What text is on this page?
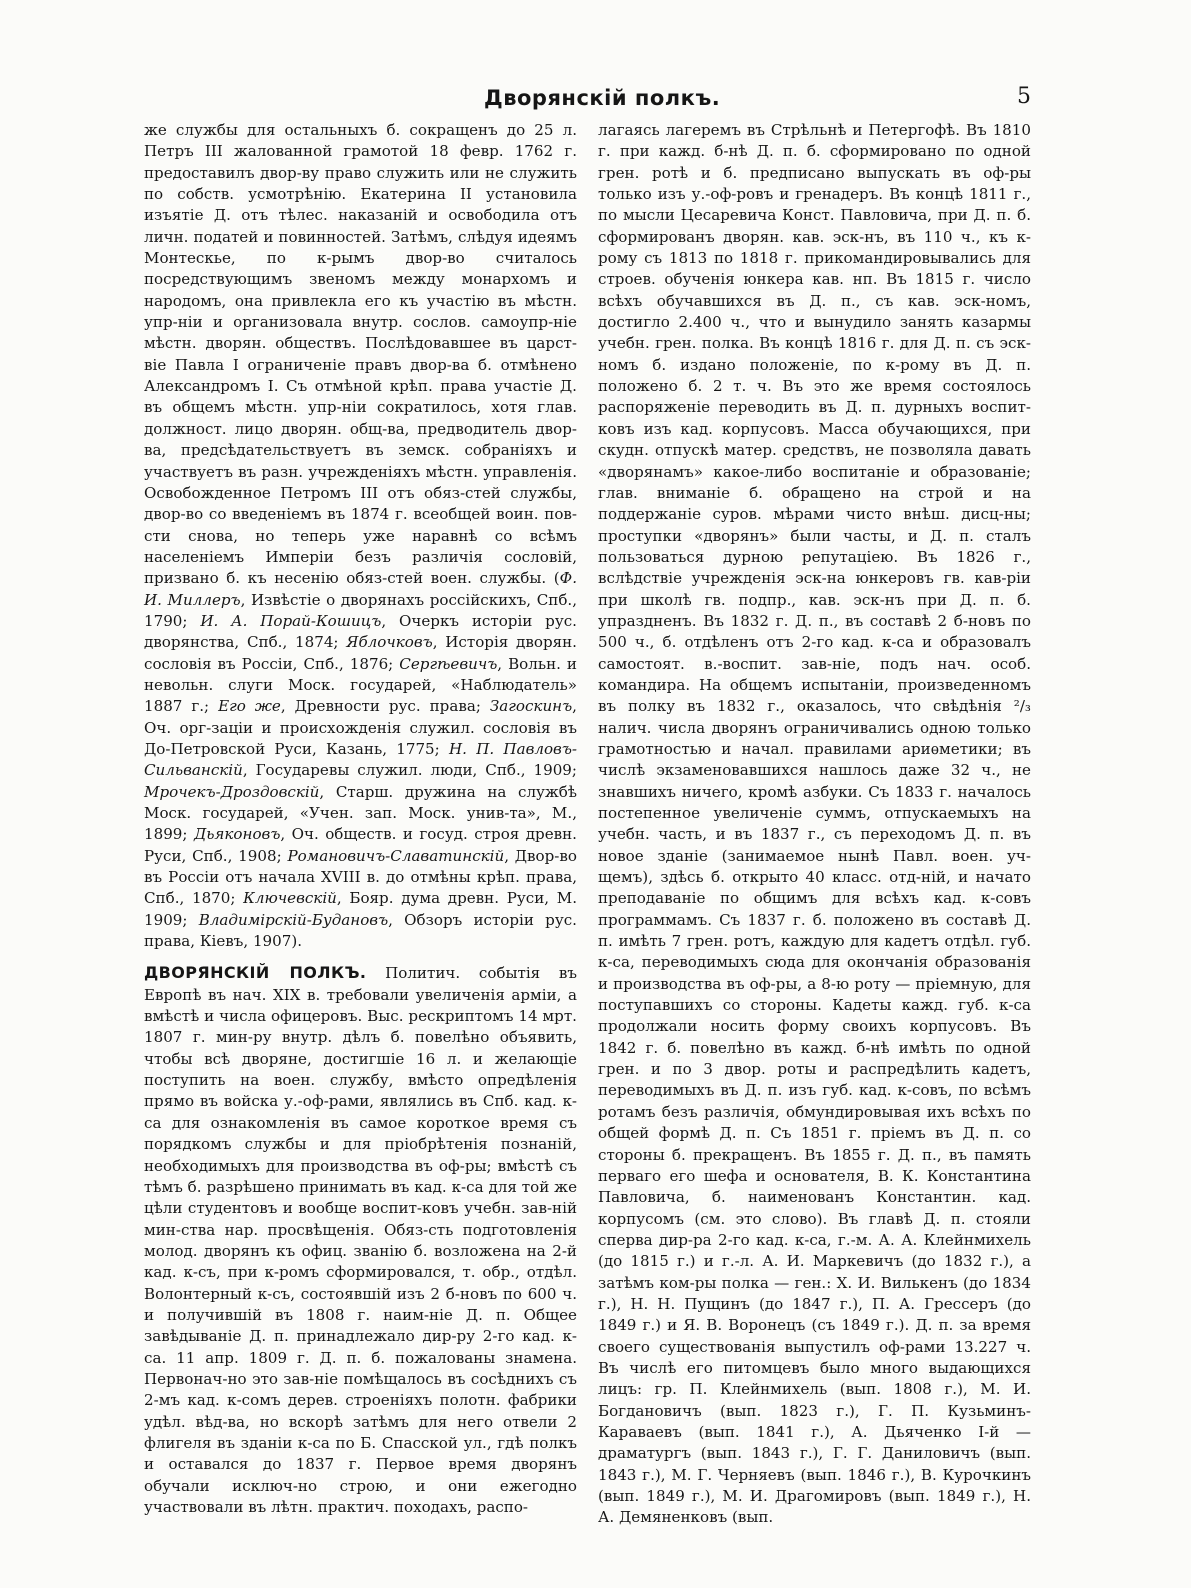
Дворянскій полкъ.	5

же службы для остальныхъ б. сокращенъ до 25 л. Петръ III жалованной грамотой 18 февр. 1762 г. предоставилъ двор-ву право служить или не служить по собств. усмотрѣнію. Екатерина II установила изъятіе Д. отъ тѣлес. наказаній и освободила отъ личн. податей и повинностей. Затѣмъ, слѣдуя идеямъ Монтескье, по к-рымъ двор-во считалось посредствующимъ звеномъ между монархомъ и народомъ, она привлекла его къ участію въ мѣстн. упр-ніи и организовала внутр. сослов. самоупр-ніе мѣстн. дворян. обществъ. Послѣдовавшее въ царст-віе Павла I ограниченіе правъ двор-ва б. отмѣнено Александромъ I. Съ отмѣной крѣп. права участіе Д. въ общемъ мѣстн. упр-ніи сократилось, хотя глав. должност. лицо дворян. общ-ва, предводитель двор-ва, предсѣдательствуетъ въ земск. собраніяхъ и участвуетъ въ разн. учрежденіяхъ мѣстн. управленія. Освобожденное Петромъ III отъ обяз-стей службы, двор-во со введеніемъ въ 1874 г. всеобщей воин. пов-сти снова, но теперь уже наравнѣ со всѣмъ населеніемъ Имперіи безъ различія сословій, призвано б. къ несенію обяз-стей воен. службы. (Ф. И. Миллеръ, Извѣстіе о дворянахъ россійскихъ, Спб., 1790; И. А. Порай-Кошицъ, Очеркъ исторіи рус. дворянства, Спб., 1874; Яблочковъ, Исторія дворян. сословія въ Россіи, Спб., 1876; Сергѣевичъ, Вольн. и невольн. слуги Моск. государей, «Наблюдатель» 1887 г.; Его же, Древности рус. права; Загоскинъ, Оч. орг-заціи и происхожденія служил. сословія въ До-Петровской Руси, Казань, 1775; Н. П. Павловъ-Сильванскій, Государевы служил. люди, Спб., 1909; Мрочекъ-Дроздовскій, Старш. дружина на службѣ Моск. государей, «Учен. зап. Моск. унив-та», М., 1899; Дьяконовъ, Оч. обществ. и госуд. строя древн. Руси, Спб., 1908; Романовичъ-Славатинскій, Двор-во въ Россіи отъ начала XVIII в. до отмѣны крѣп. права, Спб., 1870; Ключевскій, Бояр. дума древн. Руси, М. 1909; Владимірскій-Будановъ, Обзоръ исторіи рус. права, Кіевъ, 1907).

ДВОРЯНСКІЙ ПОЛКЪ. Политич. событія въ Европѣ въ нач. XIX в. требовали увеличенія арміи, а вмѣстѣ и числа офицеровъ. Выс. рескриптомъ 14 мрт. 1807 г. мин-ру внутр. дѣлъ б. повелѣно объявить, чтобы всѣ дворяне, достигшіе 16 л. и желающіе поступить на воен. службу, вмѣсто опредѣленія прямо въ войска у.-оф-рами, являлись въ Спб. кад. к-са для ознакомленія въ самое короткое время съ порядкомъ службы и для пріобрѣтенія познаній, необходимыхъ для производства въ оф-ры; вмѣстѣ съ тѣмъ б. разрѣшено принимать въ кад. к-са для той же цѣли студентовъ и вообще воспит-ковъ учебн. зав-ній мин-ства нар. просвѣщенія. Обяз-сть подготовленія молод. дворянъ къ офиц. званію б. возложена на 2-й кад. к-съ, при к-ромъ сформировался, т. обр., отдѣл. Волонтерный к-съ, состоявшій изъ 2 б-новъ по 600 ч. и получившій въ 1808 г. наим-ніе Д. п. Общее завѣдываніе Д. п. принадлежало дир-ру 2-го кад. к-са. 11 апр. 1809 г. Д. п. б. пожалованы знамена. Первонач-но это зав-ніе помѣщалось въ сосѣднихъ съ 2-мъ кад. к-сомъ дерев. строеніяхъ полотн. фабрики удѣл. вѣд-ва, но вскорѣ затѣмъ для него отвели 2 флигеля въ зданіи к-са по Б. Спасской ул., гдѣ полкъ и оставался до 1837 г. Первое время дворянъ обучали исключ-но строю, и они ежегодно участвовали въ лѣтн. практич. походахъ, распо-

лагаясь лагеремъ въ Стрѣльнѣ и Петергофѣ. Въ 1810 г. при кажд. б-нѣ Д. п. б. сформировано по одной грен. ротѣ и б. предписано выпускать въ оф-ры только изъ у.-оф-ровъ и гренадеръ. Въ концѣ 1811 г., по мысли Цесаревича Конст. Павловича, при Д. п. б. сформированъ дворян. кав. эск-нъ, въ 110 ч., къ к-рому съ 1813 по 1818 г. прикомандировывались для строев. обученія юнкера кав. нп. Въ 1815 г. число всѣхъ обучавшихся въ Д. п., съ кав. эск-номъ, достигло 2.400 ч., что и вынудило занять казармы учебн. грен. полка. Въ концѣ 1816 г. для Д. п. съ эск-номъ б. издано положеніе, по к-рому въ Д. п. положено б. 2 т. ч. Въ это же время состоялось распоряженіе переводить въ Д. п. дурныхъ воспит-ковъ изъ кад. корпусовъ. Масса обучающихся, при скудн. отпускѣ матер. средствъ, не позволяла давать «дворянамъ» какое-либо воспитаніе и образованіе; глав. вниманіе б. обращено на строй и на поддержаніе суров. мѣрами чисто внѣш. дисц-ны; проступки «дворянъ» были часты, и Д. п. сталъ пользоваться дурною репутаціею. Въ 1826 г., вслѣдствіе учрежденія эск-на юнкеровъ гв. кав-ріи при школѣ гв. подпр., кав. эск-нъ при Д. п. б. упраздненъ. Въ 1832 г. Д. п., въ составѣ 2 б-новъ по 500 ч., б. отдѣленъ отъ 2-го кад. к-са и образовалъ самостоят. в.-воспит. зав-ніе, подъ нач. особ. командира. На общемъ испытаніи, произведенномъ въ полку въ 1832 г., оказалось, что свѣдѣнія ²/₃ налич. числа дворянъ ограничивались одною только грамотностью и начал. правилами ариѳметики; въ числѣ экзаменовавшихся нашлось даже 32 ч., не знавшихъ ничего, кромѣ азбуки. Съ 1833 г. началось постепенное увеличеніе суммъ, отпускаемыхъ на учебн. часть, и въ 1837 г., съ переходомъ Д. п. въ новое зданіе (занимаемое нынѣ Павл. воен. уч-щемъ), здѣсь б. открыто 40 класс. отд-ній, и начато преподаваніе по общимъ для всѣхъ кад. к-совъ программамъ. Съ 1837 г. б. положено въ составѣ Д. п. имѣть 7 грен. ротъ, каждую для кадетъ отдѣл. губ. к-са, переводимыхъ сюда для окончанія образованія и производства въ оф-ры, а 8-ю роту — пріемную, для поступавшихъ со стороны. Кадеты кажд. губ. к-са продолжали носить форму своихъ корпусовъ. Въ 1842 г. б. повелѣно въ кажд. б-нѣ имѣть по одной грен. и по 3 двор. роты и распредѣлить кадетъ, переводимыхъ въ Д. п. изъ губ. кад. к-совъ, по всѣмъ ротамъ безъ различія, обмундировывая ихъ всѣхъ по общей формѣ Д. п. Съ 1851 г. пріемъ въ Д. п. со стороны б. прекращенъ. Въ 1855 г. Д. п., въ память перваго его шефа и основателя, В. К. Константина Павловича, б. наименованъ Константин. кад. корпусомъ (см. это слово). Въ главѣ Д. п. стояли сперва дир-ра 2-го кад. к-са, г.-м. А. А. Клейнмихель (до 1815 г.) и г.-л. А. И. Маркевичъ (до 1832 г.), а затѣмъ ком-ры полка — ген.: Х. И. Вилькенъ (до 1834 г.), Н. Н. Пущинъ (до 1847 г.), П. А. Грессеръ (до 1849 г.) и Я. В. Воронецъ (съ 1849 г.). Д. п. за время своего существованія выпустилъ оф-рами 13.227 ч. Въ числѣ его питомцевъ было много выдающихся лицъ: гр. П. Клейнмихель (вып. 1808 г.), М. И. Богдановичъ (вып. 1823 г.), Г. П. Кузьминъ-Караваевъ (вып. 1841 г.), А. Дьяченко I-й — драматургъ (вып. 1843 г.), Г. Г. Даниловичъ (вып. 1843 г.), М. Г. Черняевъ (вып. 1846 г.), В. Курочкинъ (вып. 1849 г.), М. И. Драгомировъ (вып. 1849 г.), Н. А. Демяненковъ (вып.
